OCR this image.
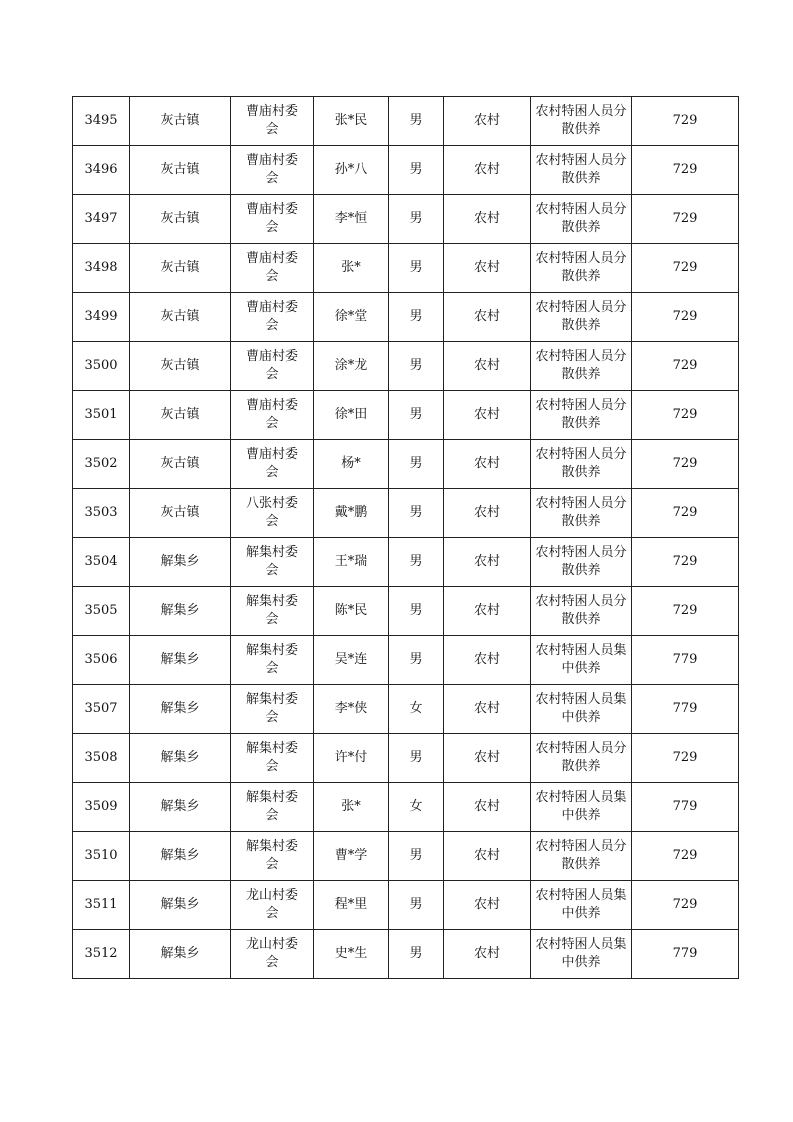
3495	灰古镇	曹庙村委会	张*民	男	农村	农村特困人员分散供养	729
3496	灰古镇	曹庙村委会	孙*八	男	农村	农村特困人员分散供养	729
3497	灰古镇	曹庙村委会	李*恒	男	农村	农村特困人员分散供养	729
3498	灰古镇	曹庙村委会	张*	男	农村	农村特困人员分散供养	729
3499	灰古镇	曹庙村委会	徐*堂	男	农村	农村特困人员分散供养	729
3500	灰古镇	曹庙村委会	涂*龙	男	农村	农村特困人员分散供养	729
3501	灰古镇	曹庙村委会	徐*田	男	农村	农村特困人员分散供养	729
3502	灰古镇	曹庙村委会	杨*	男	农村	农村特困人员分散供养	729
3503	灰古镇	八张村委会	戴*鹏	男	农村	农村特困人员分散供养	729
3504	解集乡	解集村委会	王*瑞	男	农村	农村特困人员分散供养	729
3505	解集乡	解集村委会	陈*民	男	农村	农村特困人员分散供养	729
3506	解集乡	解集村委会	吴*连	男	农村	农村特困人员集中供养	779
3507	解集乡	解集村委会	李*侠	女	农村	农村特困人员集中供养	779
3508	解集乡	解集村委会	许*付	男	农村	农村特困人员分散供养	729
3509	解集乡	解集村委会	张*	女	农村	农村特困人员集中供养	779
3510	解集乡	解集村委会	曹*学	男	农村	农村特困人员分散供养	729
3511	解集乡	龙山村委会	程*里	男	农村	农村特困人员集中供养	729
3512	解集乡	龙山村委会	史*生	男	农村	农村特困人员集中供养	779
